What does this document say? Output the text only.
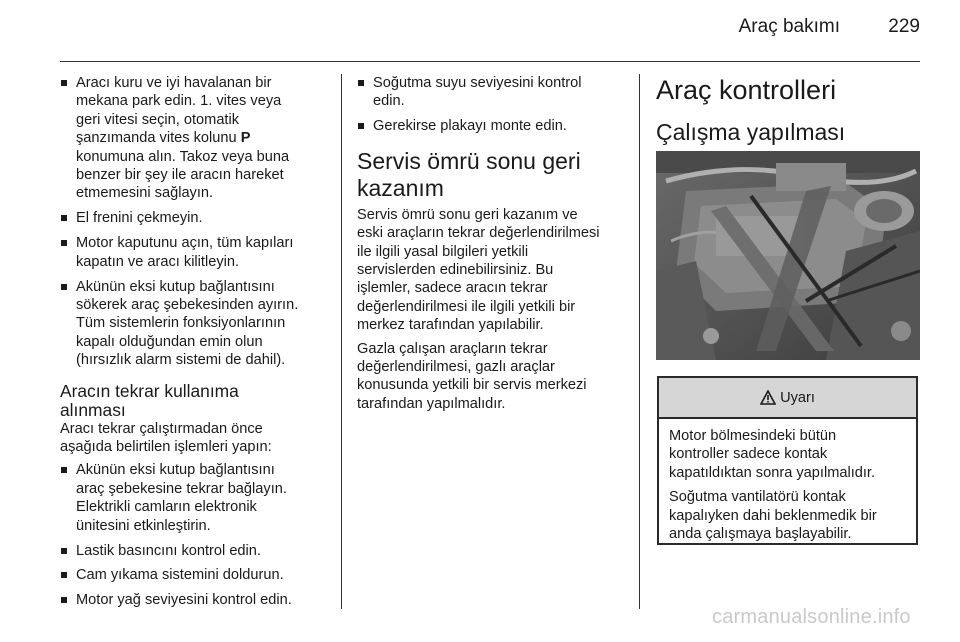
Araç bakımı	229
Aracı kuru ve iyi havalanan bir
mekana park edin. 1. vites veya
geri vitesi seçin, otomatik
şanzımanda vites kolunu P
konumuna alın. Takoz veya buna
benzer bir şey ile aracın hareket
etmemesini sağlayın.
El frenini çekmeyin.
Motor kaputunu açın, tüm kapıları
kapatın ve aracı kilitleyin.
Akünün eksi kutup bağlantısını
sökerek araç şebekesinden ayırın.
Tüm sistemlerin fonksiyonlarının
kapalı olduğundan emin olun
(hırsızlık alarm sistemi de dahil).
Aracın tekrar kullanıma
alınması
Aracı tekrar çalıştırmadan önce
aşağıda belirtilen işlemleri yapın:
Akünün eksi kutup bağlantısını
araç şebekesine tekrar bağlayın.
Elektrikli camların elektronik
ünitesini etkinleştirin.
Lastik basıncını kontrol edin.
Cam yıkama sistemini doldurun.
Motor yağ seviyesini kontrol edin.
Soğutma suyu seviyesini kontrol
edin.
Gerekirse plakayı monte edin.
Servis ömrü sonu geri
kazanım
Servis ömrü sonu geri kazanım ve
eski araçların tekrar değerlendirilmesi
ile ilgili yasal bilgileri yetkili
servislerden edinebilirsiniz. Bu
işlemler, sadece aracın tekrar
değerlendirilmesi ile ilgili yetkili bir
merkez tarafından yapılabilir.
Gazla çalışan araçların tekrar
değerlendirilmesi, gazlı araçlar
konusunda yetkili bir servis merkezi
tarafından yapılmalıdır.
Araç kontrolleri
Çalışma yapılması
Uyarı

Motor bölmesindeki bütün
kontroller sadece kontak
kapatıldıktan sonra yapılmalıdır.

Soğutma vantilatörü kontak
kapalıyken dahi beklenmedik bir
anda çalışmaya başlayabilir.

carmanualsonline.info
